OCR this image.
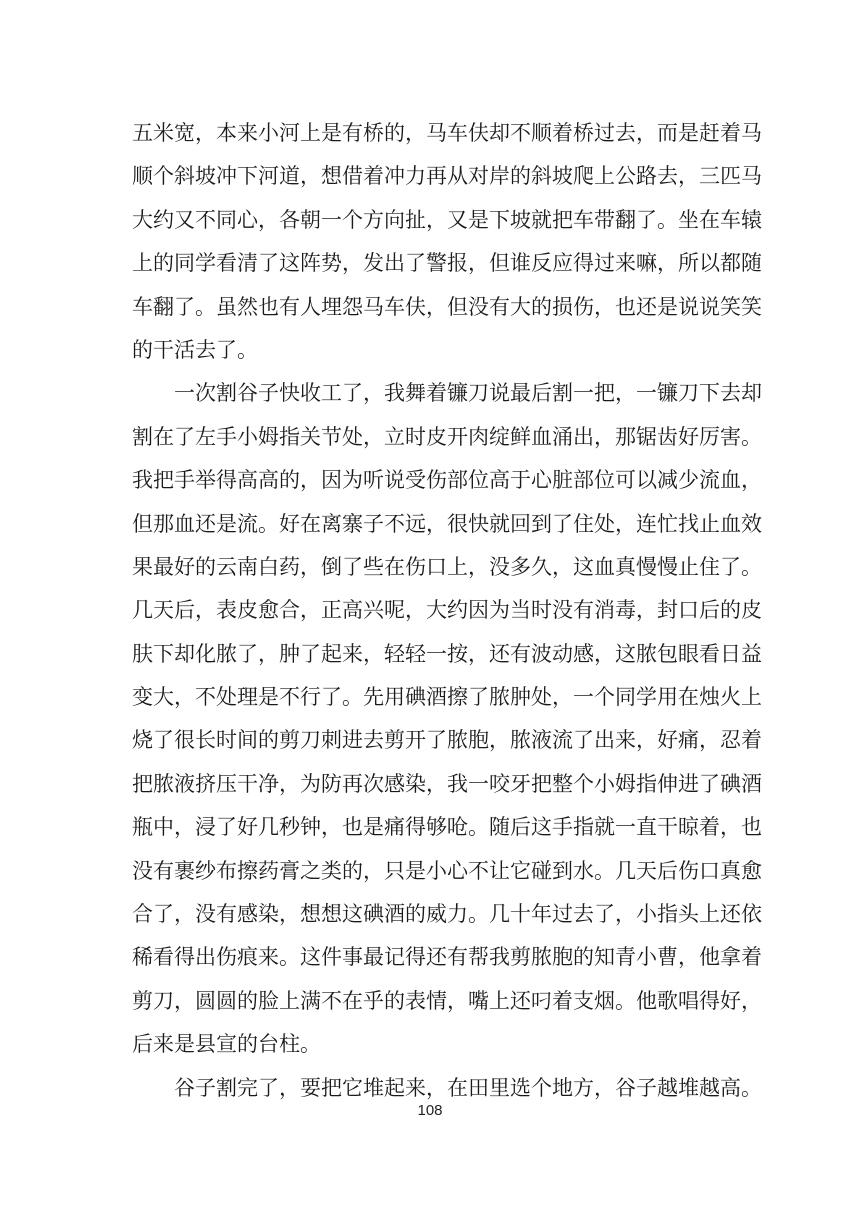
五米宽，本来小河上是有桥的，马车伕却不顺着桥过去，而是赶着马
顺个斜坡冲下河道，想借着冲力再从对岸的斜坡爬上公路去，三匹马
大约又不同心，各朝一个方向扯，又是下坡就把车带翻了。坐在车辕
上的同学看清了这阵势，发出了警报，但谁反应得过来嘛，所以都随
车翻了。虽然也有人埋怨马车伕，但没有大的损伤，也还是说说笑笑
的干活去了。
一次割谷子快收工了，我舞着镰刀说最后割一把，一镰刀下去却
割在了左手小姆指关节处，立时皮开肉绽鲜血涌出，那锯齿好厉害。
我把手举得高高的，因为听说受伤部位高于心脏部位可以减少流血，
但那血还是流。好在离寨子不远，很快就回到了住处，连忙找止血效
果最好的云南白药，倒了些在伤口上，没多久，这血真慢慢止住了。
几天后，表皮愈合，正高兴呢，大约因为当时没有消毒，封口后的皮
肤下却化脓了，肿了起来，轻轻一按，还有波动感，这脓包眼看日益
变大，不处理是不行了。先用碘酒擦了脓肿处，一个同学用在烛火上
烧了很长时间的剪刀刺进去剪开了脓胞，脓液流了出来，好痛，忍着
把脓液挤压干净，为防再次感染，我一咬牙把整个小姆指伸进了碘酒
瓶中，浸了好几秒钟，也是痛得够呛。随后这手指就一直干晾着，也
没有裹纱布擦药膏之类的，只是小心不让它碰到水。几天后伤口真愈
合了，没有感染，想想这碘酒的威力。几十年过去了，小指头上还依
稀看得出伤痕来。这件事最记得还有帮我剪脓胞的知青小曹，他拿着
剪刀，圆圆的脸上满不在乎的表情，嘴上还叼着支烟。他歌唱得好，
后来是县宣的台柱。
谷子割完了，要把它堆起来，在田里选个地方，谷子越堆越高。
108
